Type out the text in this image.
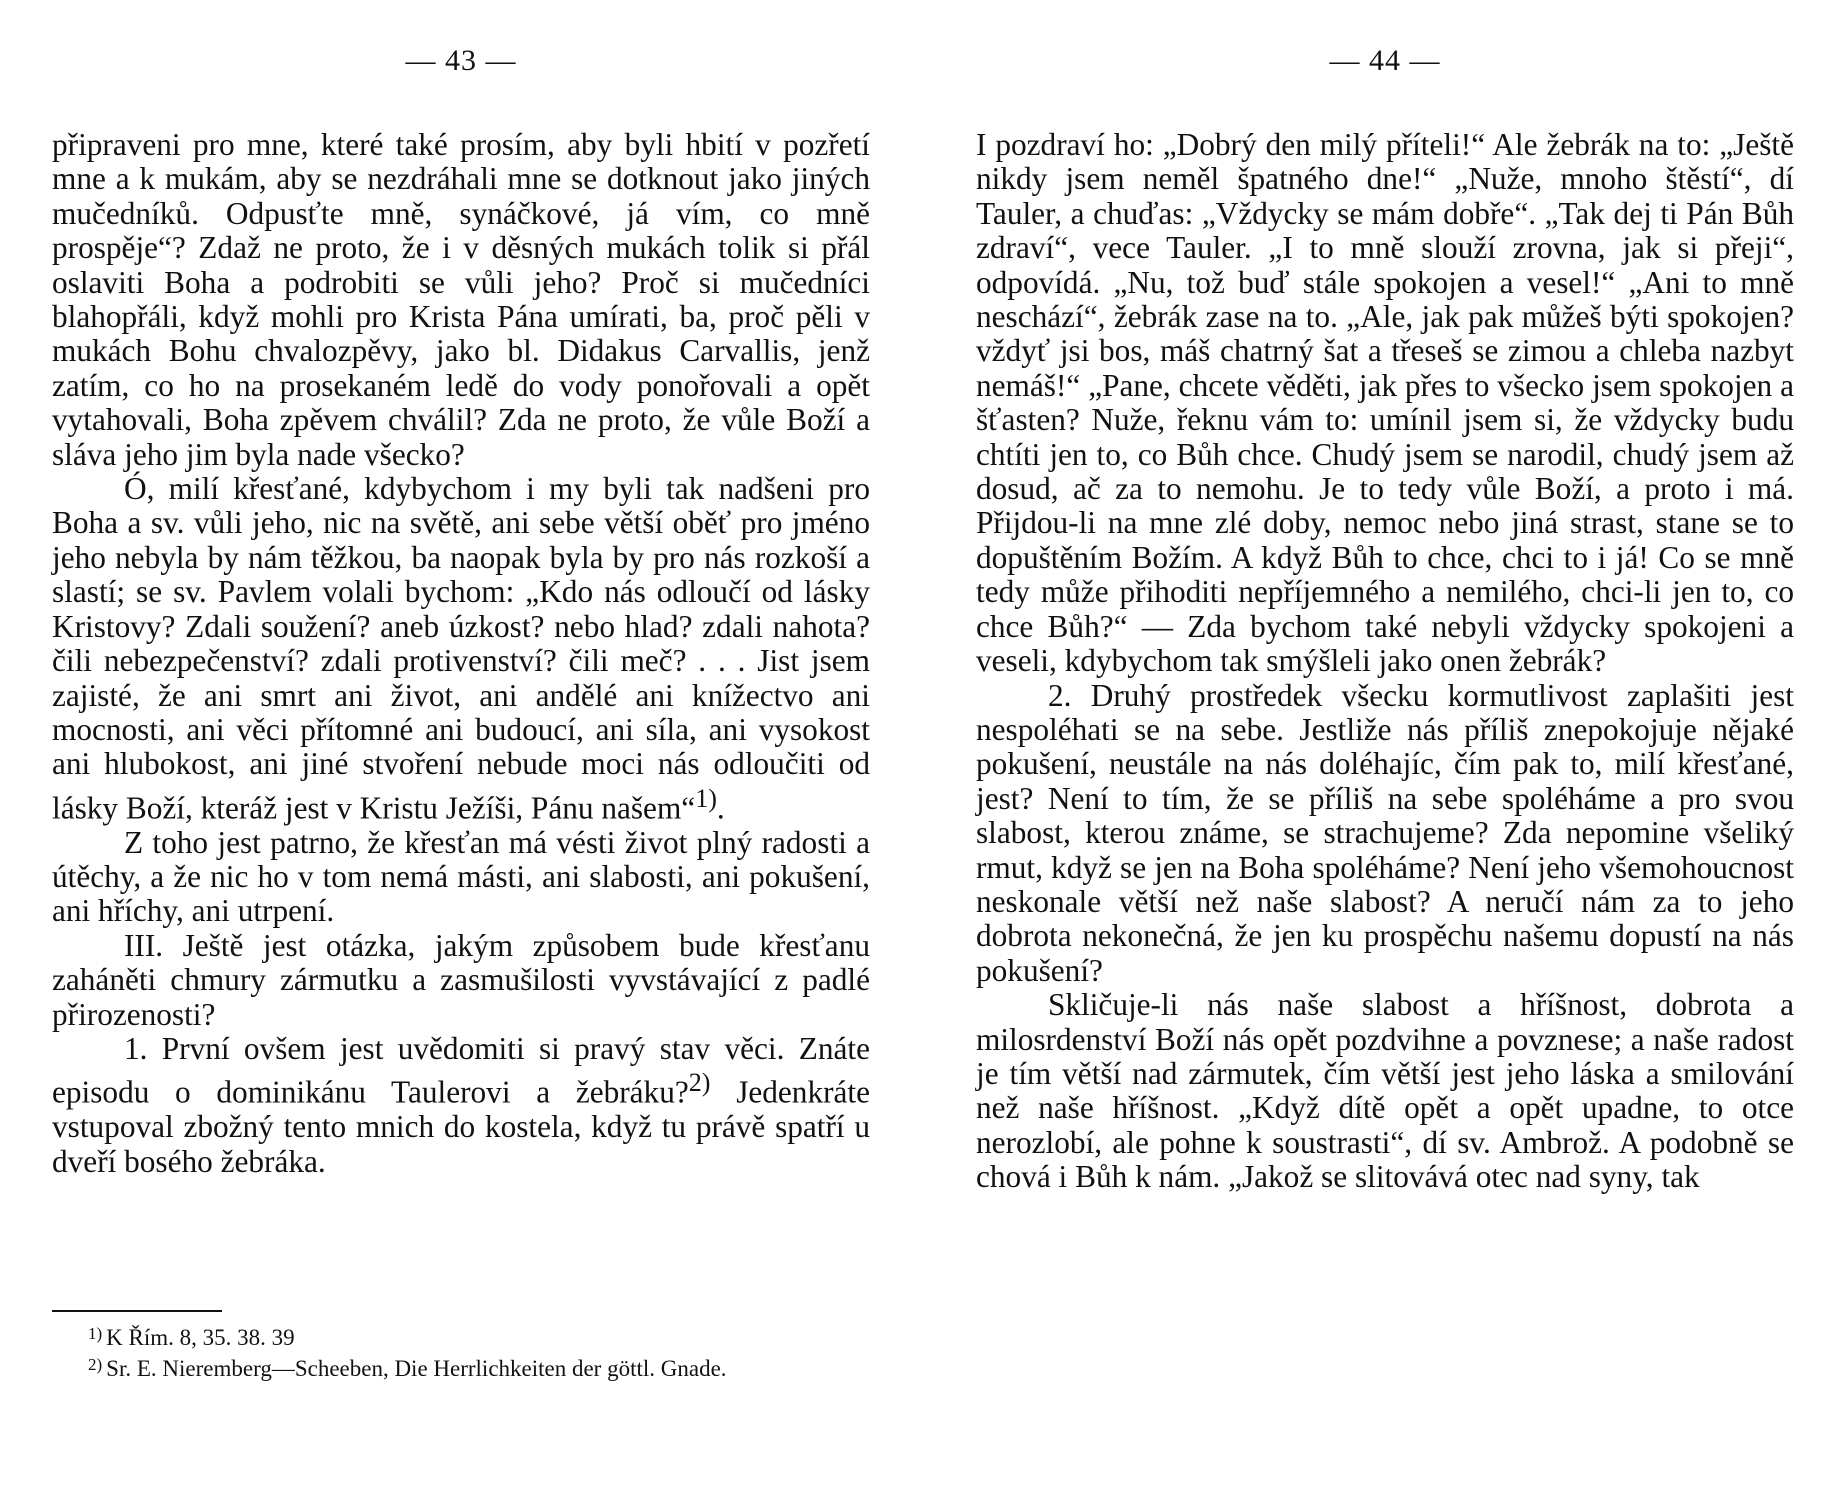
— 43 —

připraveni pro mne, které také prosím, aby byli hbití v pozřetí mne a k mukám, aby se nezdráhali mne se dotknout jako jiných mučedníků. Odpusťte mně, synáčkové, já vím, co mně prospěje“? Zdaž ne proto, že i v děsných mukách tolik si přál oslaviti Boha a podrobiti se vůli jeho? Proč si mučedníci blahopřáli, když mohli pro Krista Pána umírati, ba, proč pěli v mukách Bohu chvalozpěvy, jako bl. Didakus Carvallis, jenž zatím, co ho na prosekaném ledě do vody ponořovali a opět vytahovali, Boha zpěvem chválil? Zda ne proto, že vůle Boží a sláva jeho jim byla nade všecko?

Ó, milí křesťané, kdybychom i my byli tak nadšeni pro Boha a sv. vůli jeho, nic na světě, ani sebe větší oběť pro jméno jeho nebyla by nám těžkou, ba naopak byla by pro nás rozkoší a slastí; se sv. Pavlem volali bychom: „Kdo nás odloučí od lásky Kristovy? Zdali soužení? aneb úzkost? nebo hlad? zdali nahota? čili nebezpečenství? zdali protivenství? čili meč? . . . Jist jsem zajisté, že ani smrt ani život, ani andělé ani knížectvo ani mocnosti, ani věci přítomné ani budoucí, ani síla, ani vysokost ani hlubokost, ani jiné stvoření nebude moci nás odloučiti od lásky Boží, kteráž jest v Kristu Ježíši, Pánu našem“$^{1)}$.

Z toho jest patrno, že křesťan má vésti život plný radosti a útěchy, a že nic ho v tom nemá másti, ani slabosti, ani pokušení, ani hříchy, ani utrpení.

III. Ještě jest otázka, jakým způsobem bude křesťanu zaháněti chmury zármutku a zasmušilosti vyvstávající z padlé přirozenosti?

1. První ovšem jest uvědomiti si pravý stav věci. Znáte episodu o dominikánu Taulerovi a žebráku?$^{2)}$ Jedenkráte vstupoval zbožný tento mnich do kostela, když tu právě spatří u dveří bosého žebráka.

$^{1)}$ K Řím. 8, 35. 38. 39

$^{2)}$ Sr. E. Nieremberg—Scheeben, Die Herrlichkeiten der göttl. Gnade.

— 44 —

I pozdraví ho: „Dobrý den milý příteli!“ Ale žebrák na to: „Ještě nikdy jsem neměl špatného dne!“ „Nuže, mnoho štěstí“, dí Tauler, a chuďas: „Vždycky se mám dobře“. „Tak dej ti Pán Bůh zdraví“, vece Tauler. „I to mně slouží zrovna, jak si přeji“, odpovídá. „Nu, tož buď stále spokojen a vesel!“ „Ani to mně neschází“, žebrák zase na to. „Ale, jak pak můžeš býti spokojen? vždyť jsi bos, máš chatrný šat a třeseš se zimou a chleba nazbyt nemáš!“ „Pane, chcete věděti, jak přes to všecko jsem spokojen a šťasten? Nuže, řeknu vám to: umínil jsem si, že vždycky budu chtíti jen to, co Bůh chce. Chudý jsem se narodil, chudý jsem až dosud, ač za to nemohu. Je to tedy vůle Boží, a proto i má. Přijdou-li na mne zlé doby, nemoc nebo jiná strast, stane se to dopuštěním Božím. A když Bůh to chce, chci to i já! Co se mně tedy může přihoditi nepříjemného a nemilého, chci-li jen to, co chce Bůh?“ — Zda bychom také nebyli vždycky spokojeni a veseli, kdybychom tak smýšleli jako onen žebrák?

2. Druhý prostředek všecku kormutlivost zaplašiti jest nespoléhati se na sebe. Jestliže nás příliš znepokojuje nějaké pokušení, neustále na nás doléhajíc, čím pak to, milí křesťané, jest? Není to tím, že se příliš na sebe spoléháme a pro svou slabost, kterou známe, se strachujeme? Zda nepomine všeliký rmut, když se jen na Boha spoléháme? Není jeho všemohoucnost neskonale větší než naše slabost? A neručí nám za to jeho dobrota nekonečná, že jen ku prospěchu našemu dopustí na nás pokušení?

Skličuje-li nás naše slabost a hříšnost, dobrota a milosrdenství Boží nás opět pozdvihne a povznese; a naše radost je tím větší nad zármutek, čím větší jest jeho láska a smilování než naše hříšnost. „Když dítě opět a opět upadne, to otce nerozlobí, ale pohne k soustrasti“, dí sv. Ambrož. A podobně se chová i Bůh k nám. „Jakož se slitovává otec nad syny, tak
